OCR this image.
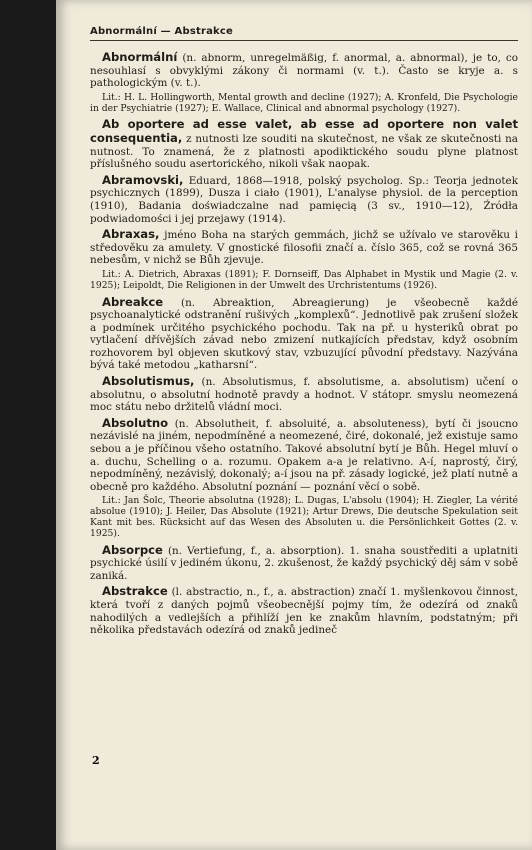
Abnormální — Abstrakce

Abnormální (n. abnorm, unregelmäßig, f. anormal, a. abnormal), je to, co nesouhlasí s obvyklými zákony či normami (v. t.). Často se kryje a. s pathologickým (v. t.).

Lit.: H. L. Hollingworth, Mental growth and decline (1927); A. Kronfeld, Die Psychologie in der Psychiatrie (1927); E. Wallace, Clinical and abnormal psychology (1927).

Ab oportere ad esse valet, ab esse ad oportere non valet consequentia, z nutnosti lze souditi na skutečnost, ne však ze skutečnosti na nutnost. To znamená, že z platnosti apodiktického soudu plyne platnost příslušného soudu asertorického, nikoli však naopak.

Abramovski, Eduard, 1868—1918, polský psycholog. Sp.: Teorja jednotek psychicznych (1899), Dusza i ciało (1901), L'analyse physiol. de la perception (1910), Badania doświadczalne nad pamięcią (3 sv., 1910—12), Źródła podwiadomości i jej przejawy (1914).

Abraxas, jméno Boha na starých gemmách, jichž se užívalo ve starověku i středověku za amulety. V gnostické filosofii značí a. číslo 365, což se rovná 365 nebesům, v nichž se Bůh zjevuje.

Lit.: A. Dietrich, Abraxas (1891); F. Dornseiff, Das Alphabet in Mystik und Magie (2. v. 1925); Leipoldt, Die Religionen in der Umwelt des Urchristentums (1926).

Abreakce (n. Abreaktion, Abreagierung) je všeobecně každé psychoanalytické odstranění rušivých „komplexů“. Jednotlivě pak zrušení složek a podmínek určitého psychického pochodu. Tak na př. u hysteriků obrat po vytlačení dřívějších závad nebo zmizení nutkajících představ, když osobním rozhovorem byl objeven skutkový stav, vzbuzující původní představy. Nazývána bývá také metodou „katharsní“.

Absolutismus, (n. Absolutismus, f. absolutisme, a. absolutism) učení o absolutnu, o absolutní hodnotě pravdy a hodnot. V státopr. smyslu neomezená moc státu nebo držitelů vládní moci.

Absolutno (n. Absolutheit, f. absoluité, a. absoluteness), bytí či jsoucno nezávislé na jiném, nepodmíněné a neomezené, čiré, dokonalé, jež existuje samo sebou a je příčinou všeho ostatního. Takové absolutní bytí je Bůh. Hegel mluví o a. duchu, Schelling o a. rozumu. Opakem a-a je relativno. A-í, naprostý, čirý, nepodmíněný, nezávislý, dokonalý; a-í jsou na př. zásady logické, jež platí nutně a obecně pro každého. Absolutní poznání — poznání věcí o sobě.

Lit.: Jan Šolc, Theorie absolutna (1928); L. Dugas, L'absolu (1904); H. Ziegler, La vérité absolue (1910); J. Heiler, Das Absolute (1921); Artur Drews, Die deutsche Spekulation seit Kant mit bes. Rücksicht auf das Wesen des Absoluten u. die Persönlichkeit Gottes (2. v. 1925).

Absorpce (n. Vertiefung, f., a. absorption). 1. snaha soustřediti a uplatniti psychické úsilí v jediném úkonu, 2. zkušenost, že každý psychický děj sám v sobě zaniká.

Abstrakce (l. abstractio, n., f., a. abstraction) značí 1. myšlenkovou činnost, která tvoří z daných pojmů všeobecnější pojmy tím, že odezírá od znaků nahodilých a vedlejších a přihlíží jen ke znakům hlavním, podstatným; při několika představách odezírá od znaků jedineč

2
